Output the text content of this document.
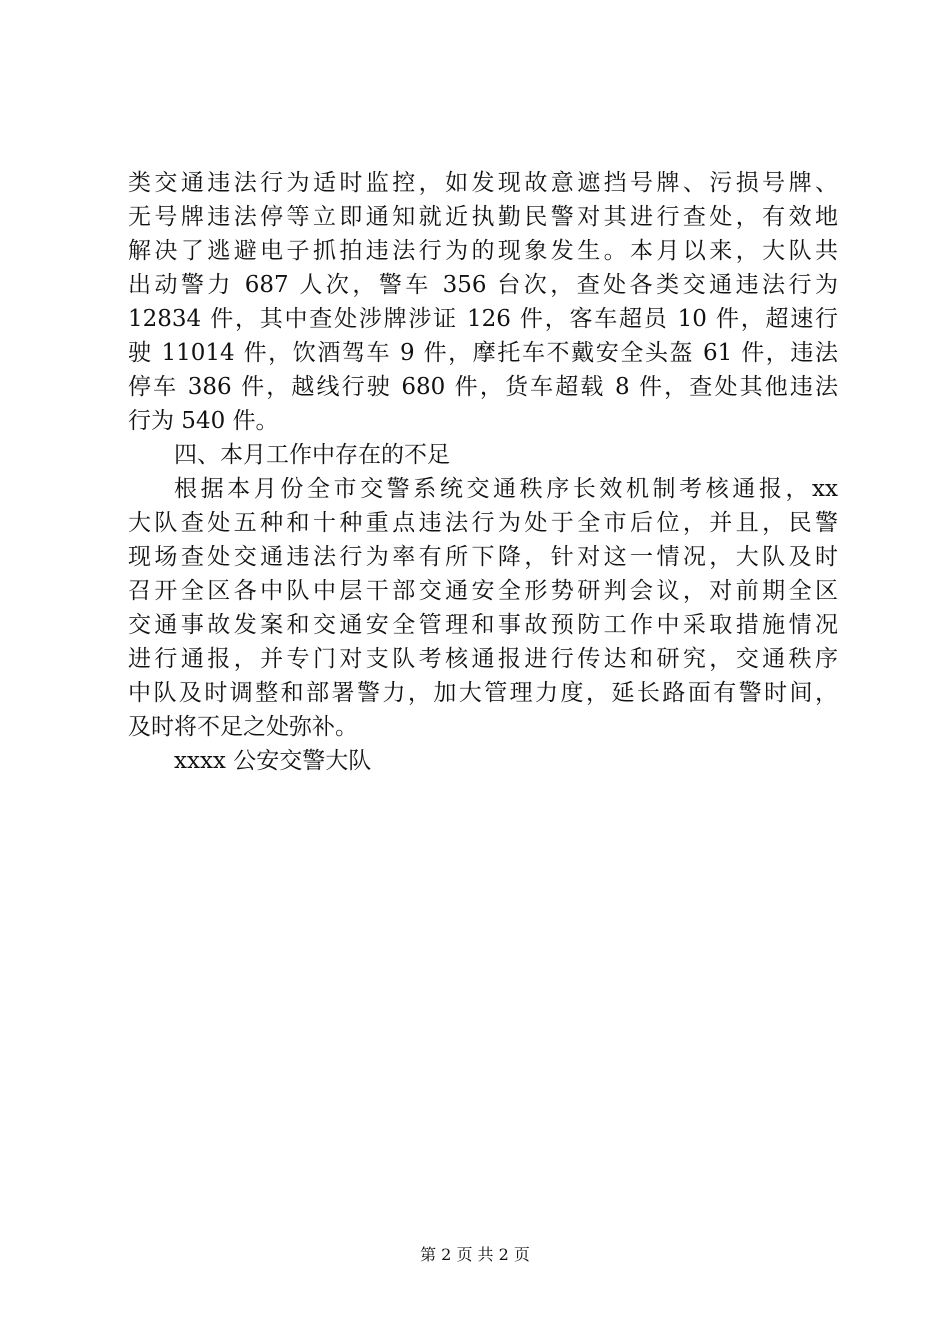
类交通违法行为适时监控，如发现故意遮挡号牌、污损号牌、
无号牌违法停等立即通知就近执勤民警对其进行查处，有效地
解决了逃避电子抓拍违法行为的现象发生。本月以来，大队共
出动警力 687 人次，警车 356 台次，查处各类交通违法行为
12834 件，其中查处涉牌涉证 126 件，客车超员 10 件，超速行
驶 11014 件，饮酒驾车 9 件，摩托车不戴安全头盔 61 件，违法
停车 386 件，越线行驶 680 件，货车超载 8 件，查处其他违法
行为 540 件。
四、本月工作中存在的不足
根据本月份全市交警系统交通秩序长效机制考核通报，xx
大队查处五种和十种重点违法行为处于全市后位，并且，民警
现场查处交通违法行为率有所下降，针对这一情况，大队及时
召开全区各中队中层干部交通安全形势研判会议，对前期全区
交通事故发案和交通安全管理和事故预防工作中采取措施情况
进行通报，并专门对支队考核通报进行传达和研究，交通秩序
中队及时调整和部署警力，加大管理力度，延长路面有警时间，
及时将不足之处弥补。
xxxx 公安交警大队
第 2 页 共 2 页
